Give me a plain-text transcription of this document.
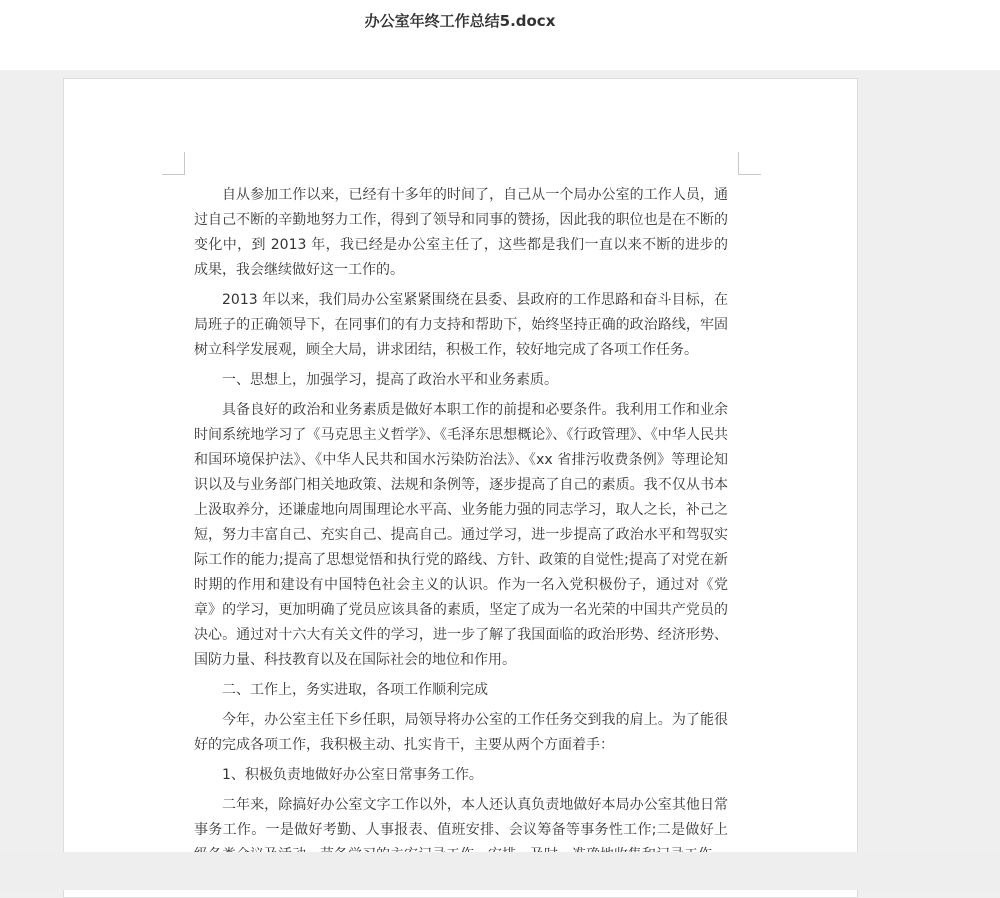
办公室年终工作总结5.docx

自从参加工作以来，已经有十多年的时间了，自己从一个局办公室的工作人员，通过自己不断的辛勤地努力工作，得到了领导和同事的赞扬，因此我的职位也是在不断的变化中，到 2013 年，我已经是办公室主任了，这些都是我们一直以来不断的进步的成果，我会继续做好这一工作的。

2013 年以来，我们局办公室紧紧围绕在县委、县政府的工作思路和奋斗目标，在局班子的正确领导下，在同事们的有力支持和帮助下，始终坚持正确的政治路线，牢固树立科学发展观，顾全大局，讲求团结，积极工作，较好地完成了各项工作任务。

一、思想上，加强学习，提高了政治水平和业务素质。

具备良好的政治和业务素质是做好本职工作的前提和必要条件。我利用工作和业余时间系统地学习了《马克思主义哲学》、《毛泽东思想概论》、《行政管理》、《中华人民共和国环境保护法》、《中华人民共和国水污染防治法》、《xx 省排污收费条例》等理论知识以及与业务部门相关地政策、法规和条例等，逐步提高了自己的素质。我不仅从书本上汲取养分，还谦虚地向周围理论水平高、业务能力强的同志学习，取人之长，补己之短，努力丰富自己、充实自己、提高自己。通过学习，进一步提高了政治水平和驾驭实际工作的能力;提高了思想觉悟和执行党的路线、方针、政策的自觉性;提高了对党在新时期的作用和建设有中国特色社会主义的认识。作为一名入党积极份子，通过对《党章》的学习，更加明确了党员应该具备的素质，坚定了成为一名光荣的中国共产党员的决心。通过对十六大有关文件的学习，进一步了解了我国面临的政治形势、经济形势、国防力量、科技教育以及在国际社会的地位和作用。

二、工作上，务实进取，各项工作顺利完成

今年，办公室主任下乡任职，局领导将办公室的工作任务交到我的肩上。为了能很好的完成各项工作，我积极主动、扎实肯干，主要从两个方面着手：

1、积极负责地做好办公室日常事务工作。

二年来，除搞好办公室文字工作以外，本人还认真负责地做好本局办公室其他日常事务工作。一是做好考勤、人事报表、值班安排、会议筹备等事务性工作;二是做好上
